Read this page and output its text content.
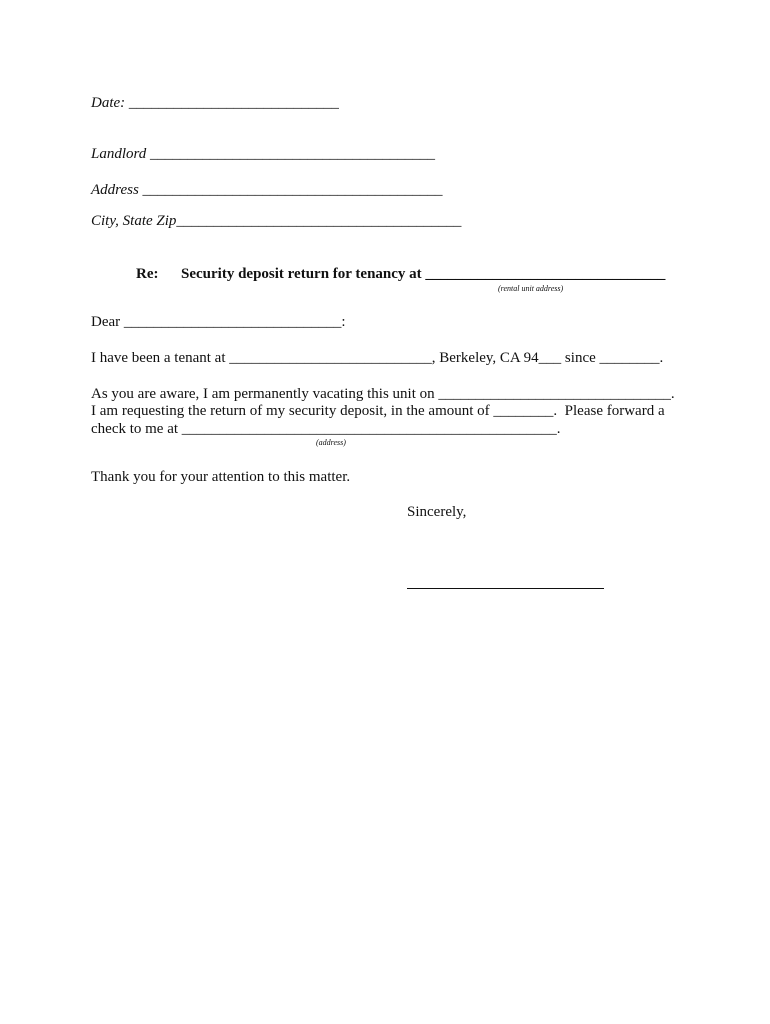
Date: ____________________________
Landlord ______________________________________
Address ________________________________________
City, State Zip______________________________________
Re: Security deposit return for tenancy at ________________________________
(rental unit address)
Dear _____________________________:
I have been a tenant at ___________________________, Berkeley, CA 94___ since ________.
As you are aware, I am permanently vacating this unit on _______________________________.
I am requesting the return of my security deposit, in the amount of ________.  Please forward a
check to me at __________________________________________________.
(address)
Thank you for your attention to this matter.
Sincerely,
